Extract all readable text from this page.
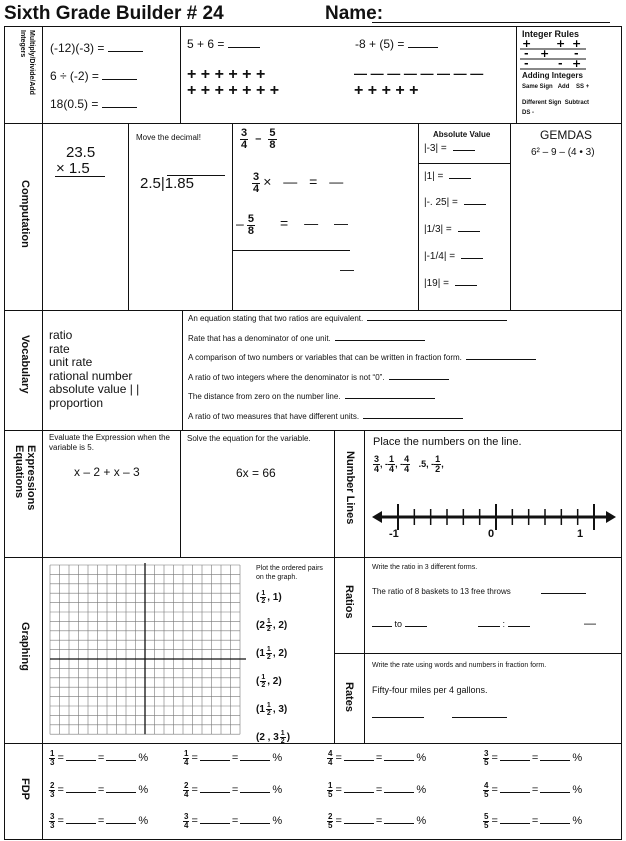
Sixth Grade Builder # 24	Name:
Multiply/Divide/Add Integers
Computation
Vocabulary
Expressions Equations
Graphing
FDP
(-12)(-3) =
6 ÷ (-2) =
18(0.5) =
5 + 6 =	-8 + (5) =
+ + + + + +
+ + + + + + +
— — — — — — — —
+ + + + +
Integer Rules
+ + +
- + -
-	- +
Adding Integers
Same Sign Add SS +
Different Sign Subtract
DS -
23.5
× 1.5
Move the decimal!
2.5|1.85
$\frac{3}{4} - \frac{5}{8}$
$\frac{3}{4}$ × — = —
– $\frac{5}{8}$ = — —
—
Absolute Value
|-3| =
|1| =
|-. 25| =
|1/3| =
|-1/4| =
|19| =
GEMDAS
6² – 9 – (4 • 3)
ratio
rate
unit rate
rational number
absolute value | |
proportion
An equation stating that two ratios are equivalent.
Rate that has a denominator of one unit.
A comparison of two numbers or variables that can be written in fraction form.
A ratio of two integers where the denominator is not “0”.
The distance from zero on the number line.
A ratio of two measures that have different units.
Number Lines
Evaluate the Expression when the variable is 5.
x – 2 + x – 3
Solve the equation for the variable.
6x = 66
Place the numbers on the line.
$\frac{3}{4}$ , - $\frac{1}{4}$ , - $\frac{4}{4} .5$, - $\frac{1}{2}$ ,
-1	0	1
Ratios
Rates
Plot the ordered pairs on the graph.
( $\frac{1}{2}$ , 1)
($2 \frac{1}{2}$ , 2)
($1 \frac{1}{2}$ , 2)
( $\frac{1}{2}$ , 2)
($1 \frac{1}{2}$ , 3)
(2 , $3 \frac{1}{2}$ )
Write the ratio in 3 different forms.
The ratio of 8 baskets to 13 free throws
to	:	—
Write the rate using words and numbers in fraction form.
Fifty-four miles per 4 gallons.
$\frac{1}{3}$ =	=	%	$\frac{1}{4}$ =	=	%	$\frac{4}{4}$ =	=	%	$\frac{3}{5}$ =	=	%
$\frac{2}{3}$ =	=	%	$\frac{2}{4}$ =	=	%	$\frac{1}{5}$ =	=	%	$\frac{4}{5}$ =	=	%
$\frac{3}{3}$ =	=	%	$\frac{3}{4}$ =	=	%	$\frac{2}{5}$ =	=	%	$\frac{5}{5}$ =	=	%
